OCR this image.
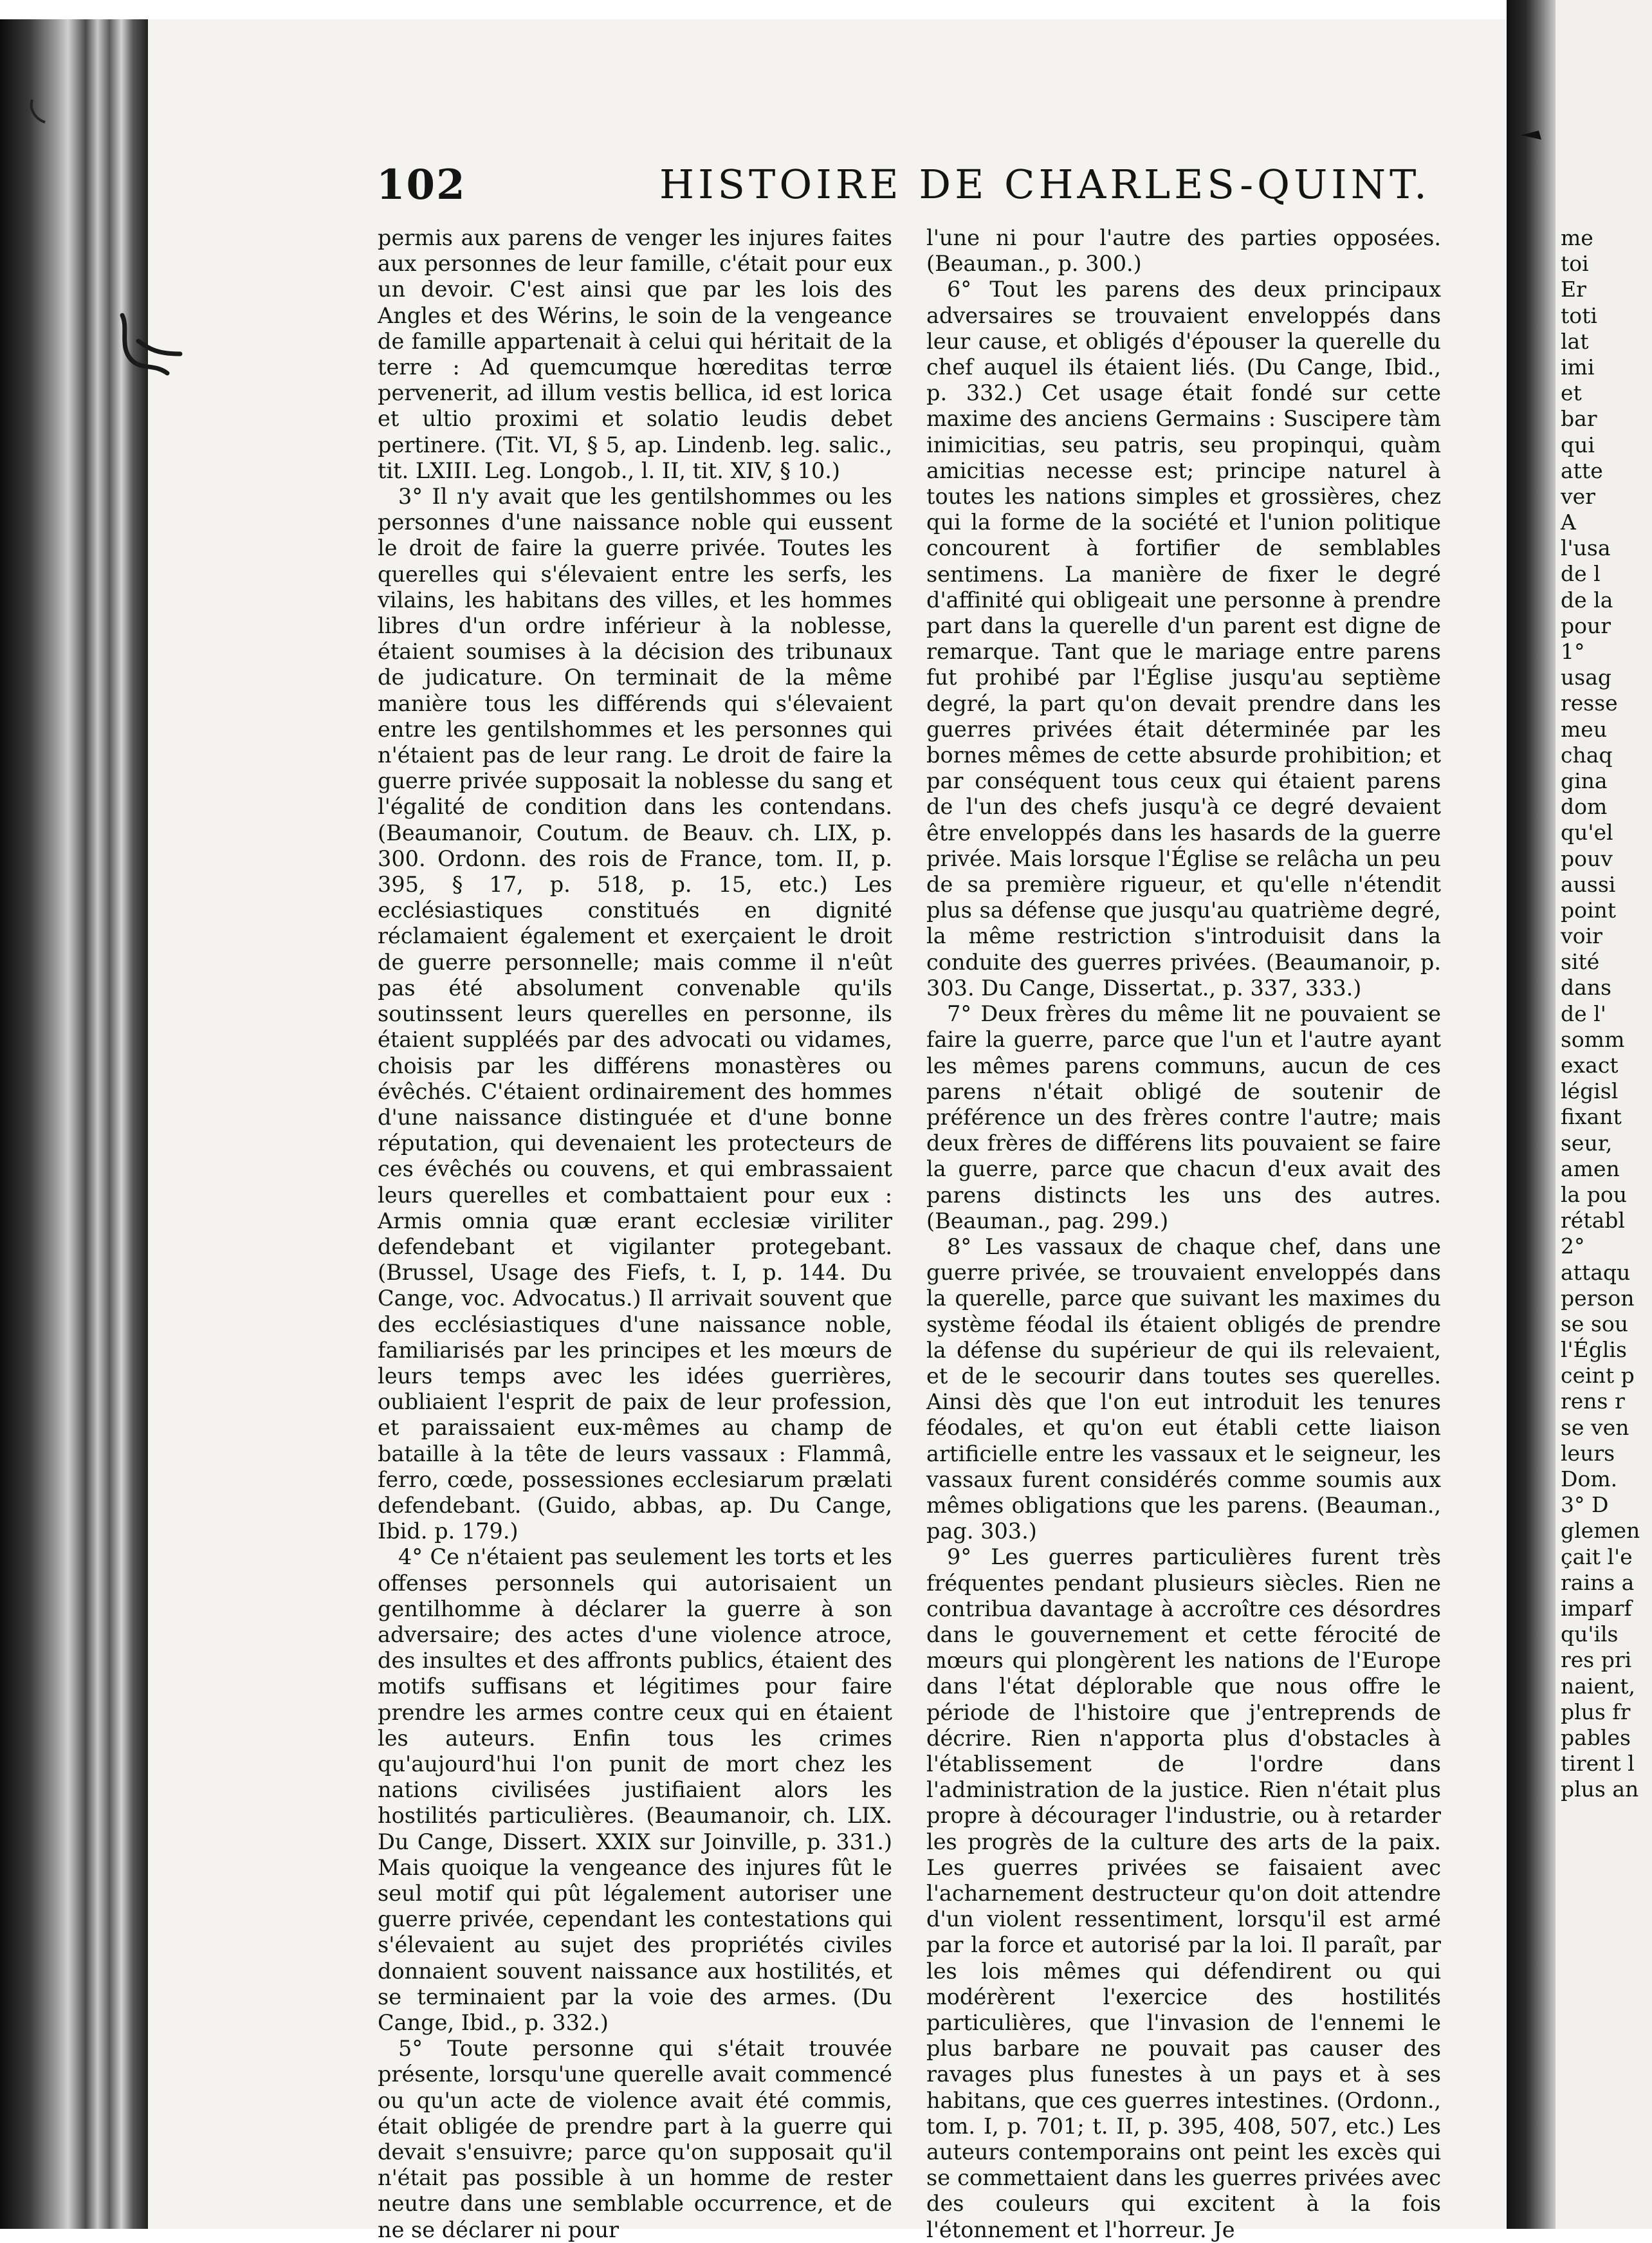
me
toi
Er
toti
lat
imi
et
bar
qui
atte
ver
A
l'usa
de l
de la
pour
1°
usag
resse
meu
chaq
gina
dom
qu'el
pouv
aussi
point
voir
sité
dans
de l'
somm
exact
législ
fixant
seur,
amen
la pou
rétabl
2°
attaqu
person
se sou
l'Églis
ceint p
rens r
se ven
leurs
Dom.
3° D
glemen
çait l'e
rains a
imparf
qu'ils
res pri
naient,
plus fr
pables
tirent l
plus an
102	HISTOIRE DE CHARLES-QUINT.

permis aux parens de venger les injures faites aux personnes de leur famille, c'était pour eux un devoir. C'est ainsi que par les lois des Angles et des Wérins, le soin de la vengeance de famille appartenait à celui qui héritait de la terre : Ad quemcumque hœreditas terrœ pervenerit, ad illum vestis bellica, id est lorica et ultio proximi et solatio leudis debet pertinere. (Tit. VI, § 5, ap. Lindenb. leg. salic., tit. LXIII. Leg. Longob., l. II, tit. XIV, § 10.)

3° Il n'y avait que les gentilshommes ou les personnes d'une naissance noble qui eussent le droit de faire la guerre privée. Toutes les querelles qui s'élevaient entre les serfs, les vilains, les habitans des villes, et les hommes libres d'un ordre inférieur à la noblesse, étaient soumises à la décision des tribunaux de judicature. On terminait de la même manière tous les différends qui s'élevaient entre les gentilshommes et les personnes qui n'étaient pas de leur rang. Le droit de faire la guerre privée supposait la noblesse du sang et l'égalité de condition dans les contendans. (Beaumanoir, Coutum. de Beauv. ch. LIX, p. 300. Ordonn. des rois de France, tom. II, p. 395, § 17, p. 518, p. 15, etc.) Les ecclésiastiques constitués en dignité réclamaient également et exerçaient le droit de guerre personnelle; mais comme il n'eût pas été absolument convenable qu'ils soutinssent leurs querelles en personne, ils étaient suppléés par des advocati ou vidames, choisis par les différens monastères ou évêchés. C'étaient ordinairement des hommes d'une naissance distinguée et d'une bonne réputation, qui devenaient les protecteurs de ces évêchés ou couvens, et qui embrassaient leurs querelles et combattaient pour eux : Armis omnia quæ erant ecclesiæ viriliter defendebant et vigilanter protegebant. (Brussel, Usage des Fiefs, t. I, p. 144. Du Cange, voc. Advocatus.) Il arrivait souvent que des ecclésiastiques d'une naissance noble, familiarisés par les principes et les mœurs de leurs temps avec les idées guerrières, oubliaient l'esprit de paix de leur profession, et paraissaient eux-mêmes au champ de bataille à la tête de leurs vassaux : Flammâ, ferro, cœde, possessiones ecclesiarum prælati defendebant. (Guido, abbas, ap. Du Cange, Ibid. p. 179.)

4° Ce n'étaient pas seulement les torts et les offenses personnels qui autorisaient un gentilhomme à déclarer la guerre à son adversaire; des actes d'une violence atroce, des insultes et des affronts publics, étaient des motifs suffisans et légitimes pour faire prendre les armes contre ceux qui en étaient les auteurs. Enfin tous les crimes qu'aujourd'hui l'on punit de mort chez les nations civilisées justifiaient alors les hostilités particulières. (Beaumanoir, ch. LIX. Du Cange, Dissert. XXIX sur Joinville, p. 331.) Mais quoique la vengeance des injures fût le seul motif qui pût légalement autoriser une guerre privée, cependant les contestations qui s'élevaient au sujet des propriétés civiles donnaient souvent naissance aux hostilités, et se terminaient par la voie des armes. (Du Cange, Ibid., p. 332.)

5° Toute personne qui s'était trouvée présente, lorsqu'une querelle avait commencé ou qu'un acte de violence avait été commis, était obligée de prendre part à la guerre qui devait s'ensuivre; parce qu'on supposait qu'il n'était pas possible à un homme de rester neutre dans une semblable occurrence, et de ne se déclarer ni pour

l'une ni pour l'autre des parties opposées. (Beauman., p. 300.)

6° Tout les parens des deux principaux adversaires se trouvaient enveloppés dans leur cause, et obligés d'épouser la querelle du chef auquel ils étaient liés. (Du Cange, Ibid., p. 332.) Cet usage était fondé sur cette maxime des anciens Germains : Suscipere tàm inimicitias, seu patris, seu propinqui, quàm amicitias necesse est; principe naturel à toutes les nations simples et grossières, chez qui la forme de la société et l'union politique concourent à fortifier de semblables sentimens. La manière de fixer le degré d'affinité qui obligeait une personne à prendre part dans la querelle d'un parent est digne de remarque. Tant que le mariage entre parens fut prohibé par l'Église jusqu'au septième degré, la part qu'on devait prendre dans les guerres privées était déterminée par les bornes mêmes de cette absurde prohibition; et par conséquent tous ceux qui étaient parens de l'un des chefs jusqu'à ce degré devaient être enveloppés dans les hasards de la guerre privée. Mais lorsque l'Église se relâcha un peu de sa première rigueur, et qu'elle n'étendit plus sa défense que jusqu'au quatrième degré, la même restriction s'introduisit dans la conduite des guerres privées. (Beaumanoir, p. 303. Du Cange, Dissertat., p. 337, 333.)

7° Deux frères du même lit ne pouvaient se faire la guerre, parce que l'un et l'autre ayant les mêmes parens communs, aucun de ces parens n'était obligé de soutenir de préférence un des frères contre l'autre; mais deux frères de différens lits pouvaient se faire la guerre, parce que chacun d'eux avait des parens distincts les uns des autres. (Beauman., pag. 299.)

8° Les vassaux de chaque chef, dans une guerre privée, se trouvaient enveloppés dans la querelle, parce que suivant les maximes du système féodal ils étaient obligés de prendre la défense du supérieur de qui ils relevaient, et de le secourir dans toutes ses querelles. Ainsi dès que l'on eut introduit les tenures féodales, et qu'on eut établi cette liaison artificielle entre les vassaux et le seigneur, les vassaux furent considérés comme soumis aux mêmes obligations que les parens. (Beauman., pag. 303.)

9° Les guerres particulières furent très fréquentes pendant plusieurs siècles. Rien ne contribua davantage à accroître ces désordres dans le gouvernement et cette férocité de mœurs qui plongèrent les nations de l'Europe dans l'état déplorable que nous offre le période de l'histoire que j'entreprends de décrire. Rien n'apporta plus d'obstacles à l'établissement de l'ordre dans l'administration de la justice. Rien n'était plus propre à décourager l'industrie, ou à retarder les progrès de la culture des arts de la paix. Les guerres privées se faisaient avec l'acharnement destructeur qu'on doit attendre d'un violent ressentiment, lorsqu'il est armé par la force et autorisé par la loi. Il paraît, par les lois mêmes qui défendirent ou qui modérèrent l'exercice des hostilités particulières, que l'invasion de l'ennemi le plus barbare ne pouvait pas causer des ravages plus funestes à un pays et à ses habitans, que ces guerres intestines. (Ordonn., tom. I, p. 701; t. II, p. 395, 408, 507, etc.) Les auteurs contemporains ont peint les excès qui se commettaient dans les guerres privées avec des couleurs qui excitent à la fois l'étonnement et l'horreur. Je
